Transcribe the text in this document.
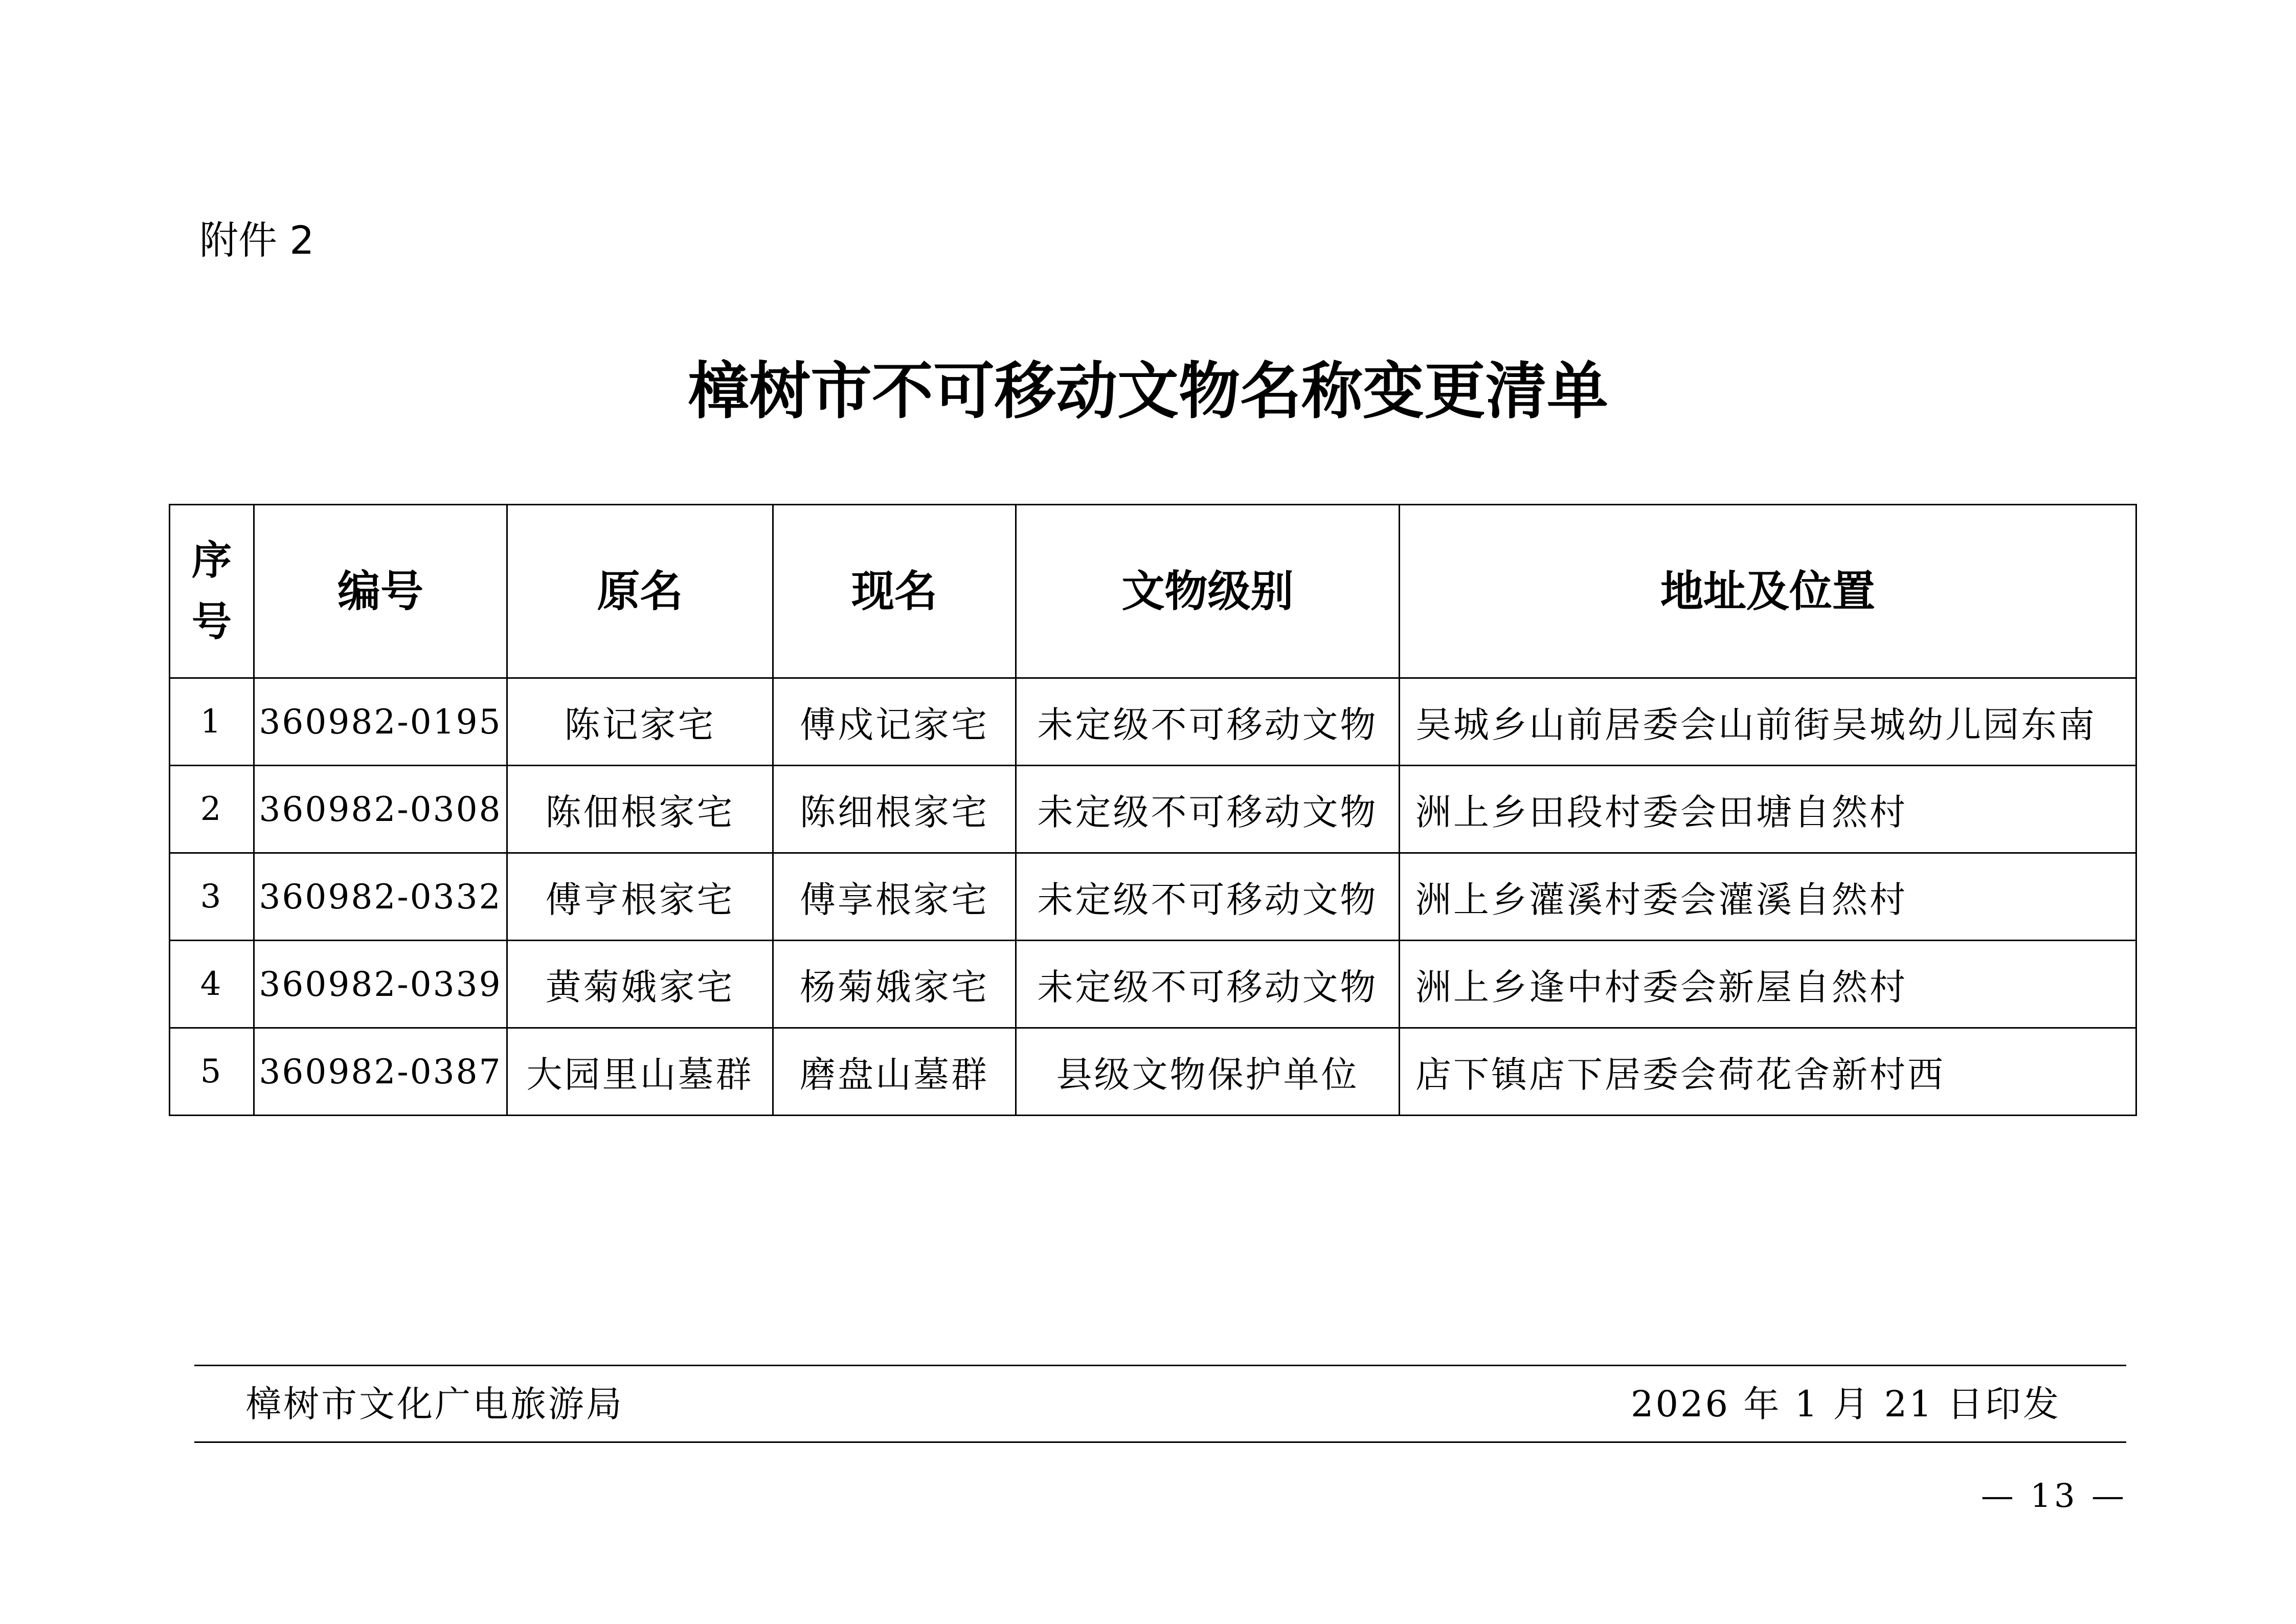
附件 2
樟树市不可移动文物名称变更清单
序
号	编号	原名	现名	文物级别	地址及位置
1	360982-0195	陈记家宅	傅戍记家宅	未定级不可移动文物	吴城乡山前居委会山前街吴城幼儿园东南
2	360982-0308	陈佃根家宅	陈细根家宅	未定级不可移动文物	洲上乡田段村委会田塘自然村
3	360982-0332	傅亨根家宅	傅享根家宅	未定级不可移动文物	洲上乡灌溪村委会灌溪自然村
4	360982-0339	黄菊娥家宅	杨菊娥家宅	未定级不可移动文物	洲上乡逢中村委会新屋自然村
5	360982-0387	大园里山墓群	磨盘山墓群	县级文物保护单位	店下镇店下居委会荷花舍新村西
樟树市文化广电旅游局	2026 年 1 月 21 日印发
— 13 —
